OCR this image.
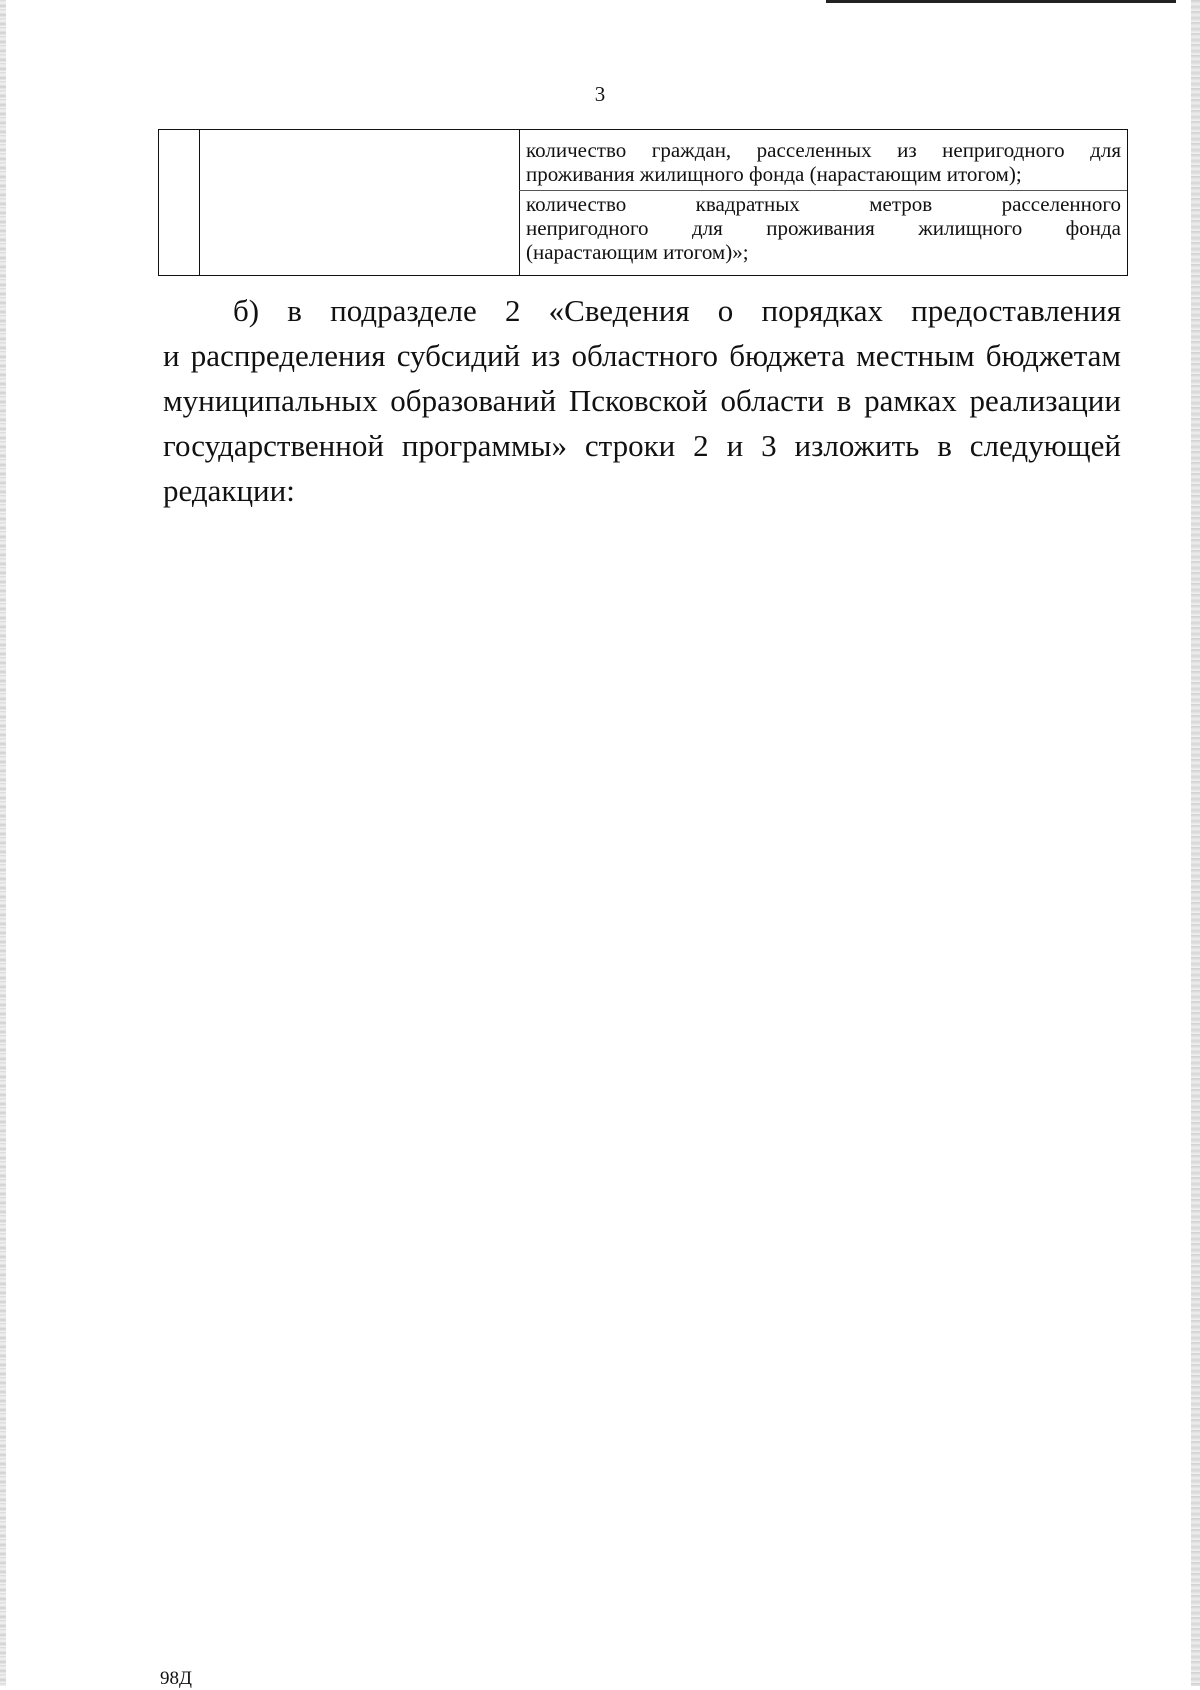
3
количество граждан, расселенных из непригодного для
проживания жилищного фонда (нарастающим итогом);
количество квадратных метров расселенного
непригодного для проживания жилищного фонда
(нарастающим итогом)»;
б) в подразделе 2 «Сведения о порядках предоставления
и распределения субсидий из областного бюджета местным бюджетам
муниципальных образований Псковской области в рамках реализации
государственной программы» строки 2 и 3 изложить в следующей
редакции:
98Д
